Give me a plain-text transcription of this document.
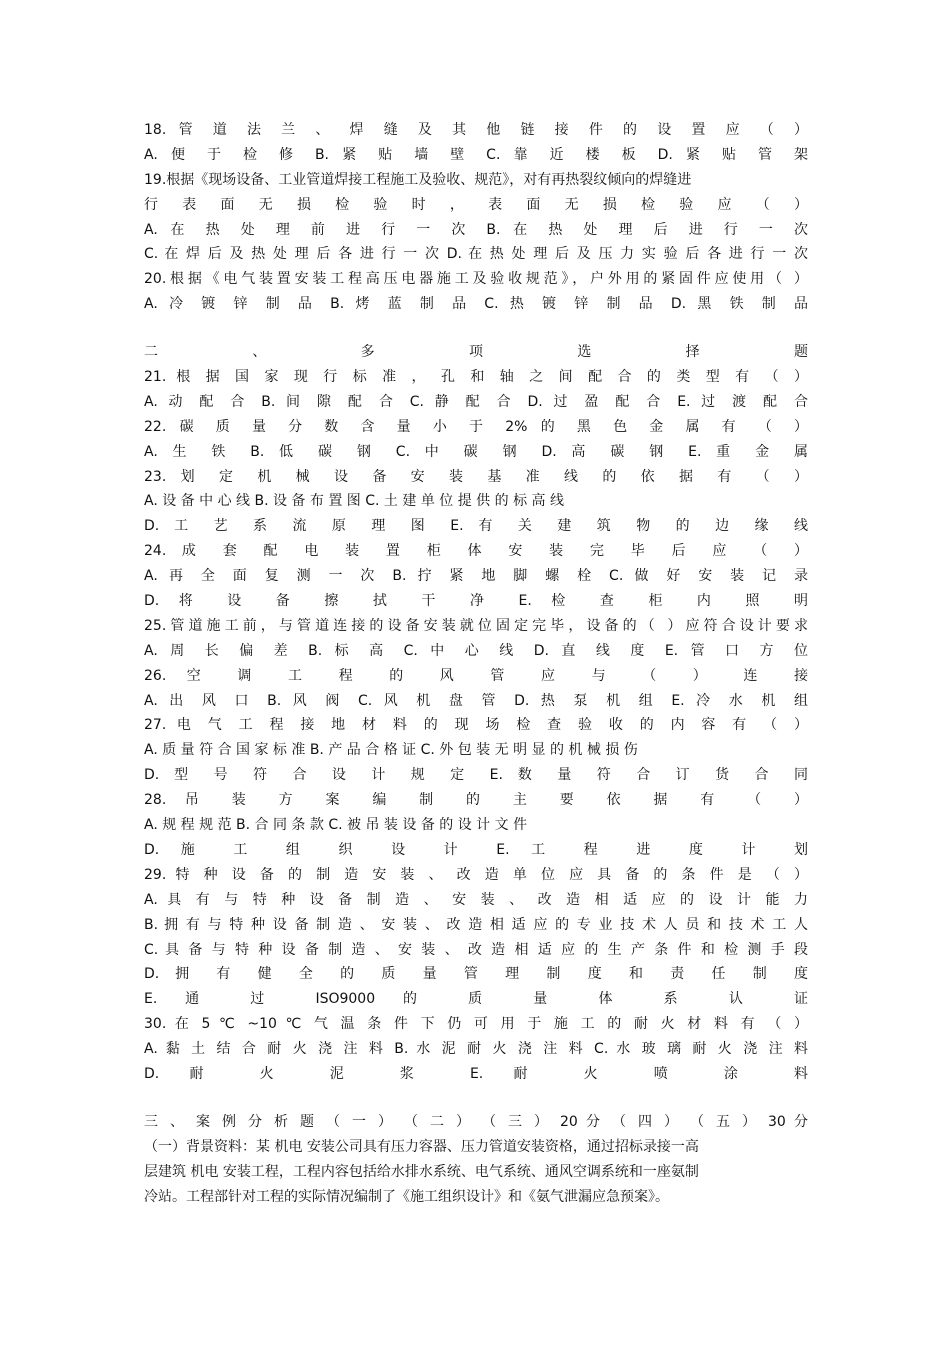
18. 管 道 法 兰 、 焊 缝 及 其 他 链 接 件 的 设 置 应 （ ）
A. 便 于 检 修 B. 紧 贴 墙 壁 C. 靠 近 楼 板 D. 紧 贴 管 架
19.根据《现场设备、工业管道焊接工程施工及验收、规范》，对有再热裂纹倾向的焊缝进
行 表 面 无 损 检 验 时 ， 表 面 无 损 检 验 应 （ ）
A. 在 热 处 理 前 进 行 一 次 B. 在 热 处 理 后 进 行 一 次
C. 在 焊 后 及 热 处 理 后 各 进 行 一 次 D. 在 热 处 理 后 及 压 力 实 验 后 各 进 行 一 次
20.根据《电气装置安装工程高压电器施工及验收规范》，户外用的紧固件应使用（ ）
A. 冷 镀 锌 制 品 B. 烤 蓝 制 品 C. 热 镀 锌 制 品 D. 黑 铁 制 品
二 、 多 项 选 择 题
21. 根 据 国 家 现 行 标 准 ， 孔 和 轴 之 间 配 合 的 类 型 有 （ ）
A. 动 配 合 B. 间 隙 配 合 C. 静 配 合 D. 过 盈 配 合 E. 过 渡 配 合
22. 碳 质 量 分 数 含 量 小 于 2% 的 黑 色 金 属 有 （ ）
A. 生 铁 B. 低 碳 钢 C. 中 碳 钢 D. 高 碳 钢 E. 重 金 属
23. 划 定 机 械 设 备 安 装 基 准 线 的 依 据 有 （ ）
A. 设 备 中 心 线 B. 设 备 布 置 图 C. 土 建 单 位 提 供 的 标 高 线
D. 工 艺 系 流 原 理 图 E. 有 关 建 筑 物 的 边 缘 线
24. 成 套 配 电 装 置 柜 体 安 装 完 毕 后 应 （ ）
A. 再 全 面 复 测 一 次 B. 拧 紧 地 脚 螺 栓 C. 做 好 安 装 记 录
D. 将 设 备 擦 拭 干 净 E. 检 查 柜 内 照 明
25.管道施工前，与管道连接的设备安装就位固定完毕，设备的（ ）应符合设计要求
A. 周 长 偏 差 B. 标 高 C. 中 心 线 D. 直 线 度 E. 管 口 方 位
26. 空 调 工 程 的 风 管 应 与 （ ） 连 接
A. 出 风 口 B. 风 阀 C. 风 机 盘 管 D. 热 泵 机 组 E. 冷 水 机 组
27. 电 气 工 程 接 地 材 料 的 现 场 检 查 验 收 的 内 容 有 （ ）
A. 质 量 符 合 国 家 标 准 B. 产 品 合 格 证 C. 外 包 装 无 明 显 的 机 械 损 伤
D. 型 号 符 合 设 计 规 定 E. 数 量 符 合 订 货 合 同
28. 吊 装 方 案 编 制 的 主 要 依 据 有 （ ）
A. 规 程 规 范 B. 合 同 条 款 C. 被 吊 装 设 备 的 设 计 文 件
D. 施 工 组 织 设 计 E. 工 程 进 度 计 划
29. 特 种 设 备 的 制 造 安 装 、 改 造 单 位 应 具 备 的 条 件 是 （ ）
A. 具 有 与 特 种 设 备 制 造 、 安 装 、 改 造 相 适 应 的 设 计 能 力
B. 拥 有 与 特 种 设 备 制 造 、 安 装 、 改 造 相 适 应 的 专 业 技 术 人 员 和 技 术 工 人
C. 具 备 与 特 种 设 备 制 造 、 安 装 、 改 造 相 适 应 的 生 产 条 件 和 检 测 手 段
D. 拥 有 健 全 的 质 量 管 理 制 度 和 责 任 制 度
E. 通 过 ISO9000 的 质 量 体 系 认 证
30. 在 5 ℃ ~10 ℃ 气 温 条 件 下 仍 可 用 于 施 工 的 耐 火 材 料 有 （ ）
A. 黏 土 结 合 耐 火 浇 注 料 B. 水 泥 耐 火 浇 注 料 C. 水 玻 璃 耐 火 浇 注 料
D. 耐 火 泥 浆 E. 耐 火 喷 涂 料
三 、 案 例 分 析 题 （ 一 ） （ 二 ） （ 三 ） 20 分 （ 四 ） （ 五 ） 30 分
（一）背景资料：某 机电 安装公司具有压力容器、压力管道安装资格，通过招标录接一高
层建筑 机电 安装工程，工程内容包括给水排水系统、电气系统、通风空调系统和一座氨制
冷站。工程部针对工程的实际情况编制了《施工组织设计》和《氨气泄漏应急预案》。
